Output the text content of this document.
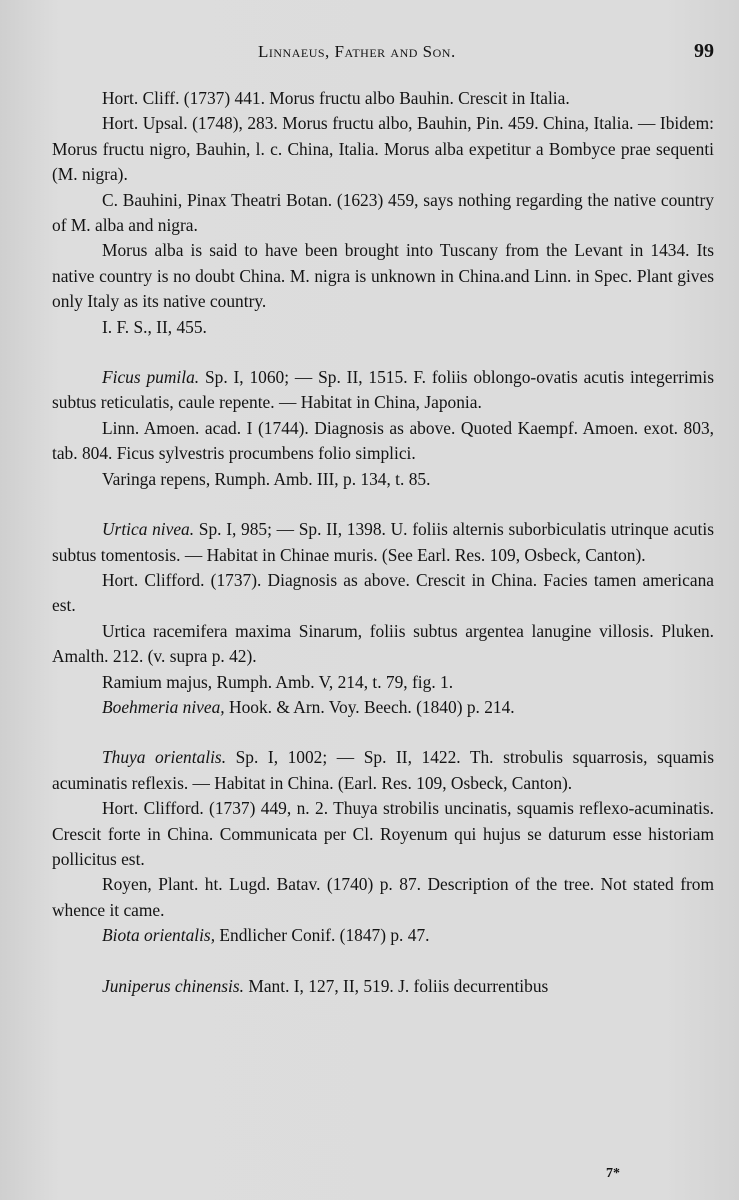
Linnaeus, Father and Son.	99

Hort. Cliff. (1737) 441. Morus fructu albo Bauhin. Crescit in Italia.

Hort. Upsal. (1748), 283. Morus fructu albo, Bauhin, Pin. 459. China, Italia. — Ibidem: Morus fructu nigro, Bauhin, l. c. China, Italia. Morus alba expetitur a Bombyce prae sequenti (M. nigra).

C. Bauhini, Pinax Theatri Botan. (1623) 459, says nothing regarding the native country of M. alba and nigra.

Morus alba is said to have been brought into Tuscany from the Levant in 1434. Its native country is no doubt China. M. nigra is unknown in China.and Linn. in Spec. Plant gives only Italy as its native country.

I. F. S., II, 455.

Ficus pumila. Sp. I, 1060; — Sp. II, 1515. F. foliis oblongo-ovatis acutis integerrimis subtus reticulatis, caule repente. — Habitat in China, Japonia.

Linn. Amoen. acad. I (1744). Diagnosis as above. Quoted Kaempf. Amoen. exot. 803, tab. 804. Ficus sylvestris procumbens folio simplici.

Varinga repens, Rumph. Amb. III, p. 134, t. 85.

Urtica nivea. Sp. I, 985; — Sp. II, 1398. U. foliis alternis suborbiculatis utrinque acutis subtus tomentosis. — Habitat in Chinae muris. (See Earl. Res. 109, Osbeck, Canton).

Hort. Clifford. (1737). Diagnosis as above. Crescit in China. Facies tamen americana est.

Urtica racemifera maxima Sinarum, foliis subtus argentea lanugine villosis. Pluken. Amalth. 212. (v. supra p. 42).

Ramium majus, Rumph. Amb. V, 214, t. 79, fig. 1.

Boehmeria nivea, Hook. & Arn. Voy. Beech. (1840) p. 214.

Thuya orientalis. Sp. I, 1002; — Sp. II, 1422. Th. strobulis squarrosis, squamis acuminatis reflexis. — Habitat in China. (Earl. Res. 109, Osbeck, Canton).

Hort. Clifford. (1737) 449, n. 2. Thuya strobilis uncinatis, squamis reflexo-acuminatis. Crescit forte in China. Communicata per Cl. Royenum qui hujus se daturum esse historiam pollicitus est.

Royen, Plant. ht. Lugd. Batav. (1740) p. 87. Description of the tree. Not stated from whence it came.

Biota orientalis, Endlicher Conif. (1847) p. 47.

Juniperus chinensis. Mant. I, 127, II, 519. J. foliis decurrentibus

7*
